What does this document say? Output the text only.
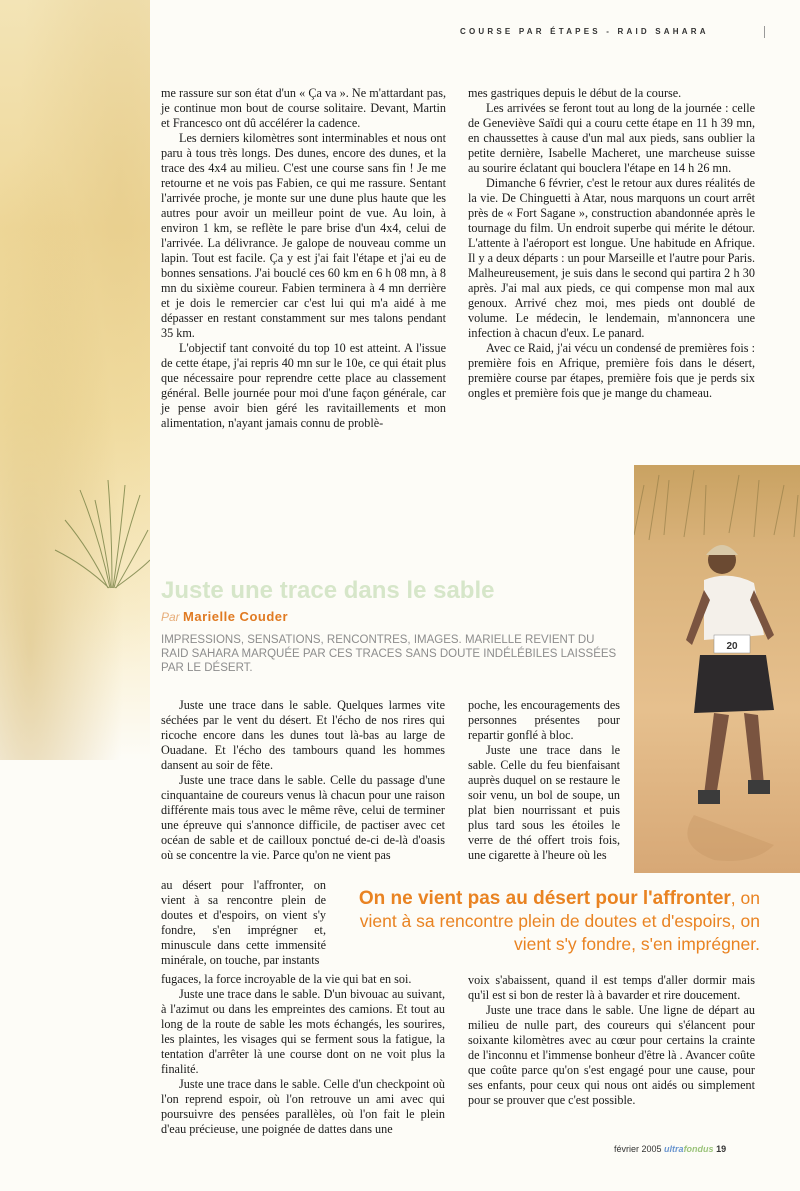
COURSE PAR ÉTAPES - RAID SAHARA

me rassure sur son état d'un « Ça va ». Ne m'attardant pas, je continue mon bout de course solitaire. Devant, Martin et Francesco ont dû accélérer la cadence.

Les derniers kilomètres sont interminables et nous ont paru à tous très longs. Des dunes, encore des dunes, et la trace des 4x4 au milieu. C'est une course sans fin ! Je me retourne et ne vois pas Fabien, ce qui me rassure. Sentant l'arrivée proche, je monte sur une dune plus haute que les autres pour avoir un meilleur point de vue. Au loin, à environ 1 km, se reflète le pare brise d'un 4x4, celui de l'arrivée. La délivrance. Je galope de nouveau comme un lapin. Tout est facile. Ça y est j'ai fait l'étape et j'ai eu de bonnes sensations. J'ai bouclé ces 60 km en 6 h 08 mn, à 8 mn du sixième coureur. Fabien terminera à 4 mn derrière et je dois le remercier car c'est lui qui m'a aidé à me dépasser en restant constamment sur mes talons pendant 35 km.

L'objectif tant convoité du top 10 est atteint. A l'issue de cette étape, j'ai repris 40 mn sur le 10e, ce qui était plus que nécessaire pour reprendre cette place au classement général. Belle journée pour moi d'une façon générale, car je pense avoir bien géré les ravitaillements et mon alimentation, n'ayant jamais connu de problè-

mes gastriques depuis le début de la course.

Les arrivées se feront tout au long de la journée : celle de Geneviève Saïdi qui a couru cette étape en 11 h 39 mn, en chaussettes à cause d'un mal aux pieds, sans oublier la petite dernière, Isabelle Macheret, une marcheuse suisse au sourire éclatant qui bouclera l'étape en 14 h 26 mn.

Dimanche 6 février, c'est le retour aux dures réalités de la vie. De Chinguetti à Atar, nous marquons un court arrêt près de « Fort Sagane », construction abandonnée après le tournage du film. Un endroit superbe qui mérite le détour. L'attente à l'aéroport est longue. Une habitude en Afrique. Il y a deux départs : un pour Marseille et l'autre pour Paris. Malheureusement, je suis dans le second qui partira 2 h 30 après. J'ai mal aux pieds, ce qui compense mon mal aux genoux. Arrivé chez moi, mes pieds ont doublé de volume. Le médecin, le lendemain, m'annoncera une infection à chacun d'eux. Le panard.

Avec ce Raid, j'ai vécu un condensé de premières fois : première fois en Afrique, première fois dans le désert, première course par étapes, première fois que je perds six ongles et première fois que je mange du chameau.

20
Juste une trace dans le sable
Par Marielle Couder
IMPRESSIONS, SENSATIONS, RENCONTRES, IMAGES. MARIELLE REVIENT DU RAID SAHARA MARQUÉE PAR CES TRACES SANS DOUTE INDÉLÉBILES LAISSÉES PAR LE DÉSERT.

Juste une trace dans le sable. Quelques larmes vite séchées par le vent du désert. Et l'écho de nos rires qui ricoche encore dans les dunes tout là-bas au large de Ouadane. Et l'écho des tambours quand les hommes dansent au soir de fête.

Juste une trace dans le sable. Celle du passage d'une cinquantaine de coureurs venus là chacun pour une raison différente mais tous avec le même rêve, celui de terminer une épreuve qui s'annonce difficile, de pactiser avec cet océan de sable et de cailloux ponctué de-ci de-là d'oasis où se concentre la vie. Parce qu'on ne vient pas

au désert pour l'affronter, on vient à sa rencontre plein de doutes et d'espoirs, on vient s'y fondre, s'en imprégner et, minuscule dans cette immensité minérale, on touche, par instants

fugaces, la force incroyable de la vie qui bat en soi.

Juste une trace dans le sable. D'un bivouac au suivant, à l'azimut ou dans les empreintes des camions. Et tout au long de la route de sable les mots échangés, les sourires, les plaintes, les visages qui se ferment sous la fatigue, la tentation d'arrêter là une course dont on ne voit plus la finalité.

Juste une trace dans le sable. Celle d'un checkpoint où l'on reprend espoir, où l'on retrouve un ami avec qui poursuivre des pensées parallèles, où l'on fait le plein d'eau précieuse, une poignée de dattes dans une

poche, les encouragements des personnes présentes pour repartir gonflé à bloc.

Juste une trace dans le sable. Celle du feu bienfaisant auprès duquel on se restaure le soir venu, un bol de soupe, un plat bien nourrissant et puis plus tard sous les étoiles le verre de thé offert trois fois, une cigarette à l'heure où les

voix s'abaissent, quand il est temps d'aller dormir mais qu'il est si bon de rester là à bavarder et rire doucement.

Juste une trace dans le sable. Une ligne de départ au milieu de nulle part, des coureurs qui s'élancent pour soixante kilomètres avec au cœur pour certains la crainte de l'inconnu et l'immense bonheur d'être là . Avancer coûte que coûte parce qu'on s'est engagé pour une cause, pour ses enfants, pour ceux qui nous ont aidés ou simplement pour se prouver que c'est possible.

On ne vient pas au désert pour l'affronter, on vient à sa rencontre plein de doutes et d'espoirs, on vient s'y fondre, s'en imprégner.
février 2005 ultrafondus 19
